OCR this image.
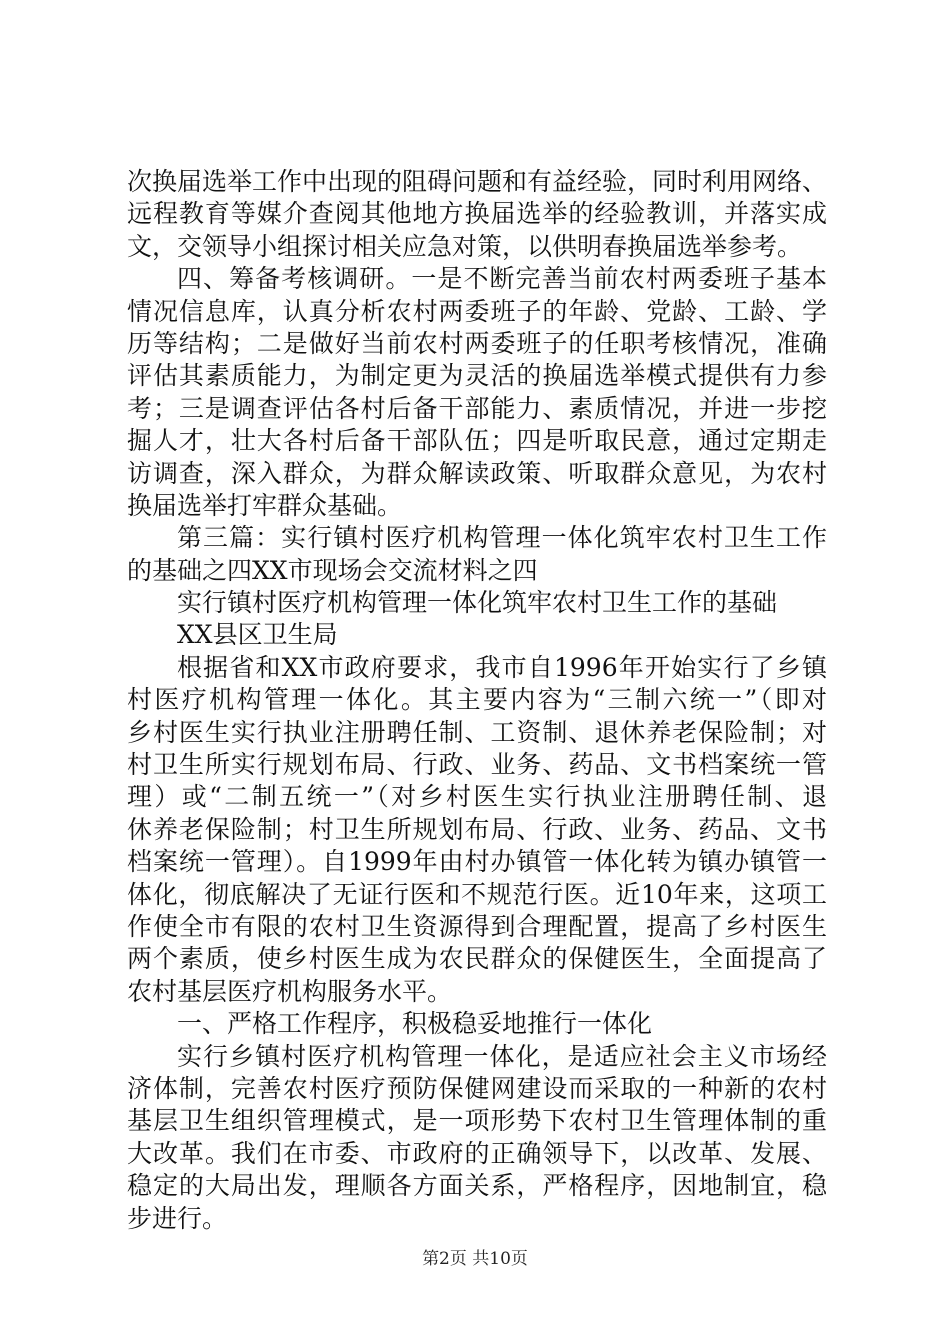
次换届选举工作中出现的阻碍问题和有益经验，同时利用网络、
远程教育等媒介查阅其他地方换届选举的经验教训，并落实成
文，交领导小组探讨相关应急对策，以供明春换届选举参考。
四、筹备考核调研。一是不断完善当前农村两委班子基本
情况信息库，认真分析农村两委班子的年龄、党龄、工龄、学
历等结构；二是做好当前农村两委班子的任职考核情况，准确
评估其素质能力，为制定更为灵活的换届选举模式提供有力参
考；三是调查评估各村后备干部能力、素质情况，并进一步挖
掘人才，壮大各村后备干部队伍；四是听取民意，通过定期走
访调查，深入群众，为群众解读政策、听取群众意见，为农村
换届选举打牢群众基础。
第三篇：实行镇村医疗机构管理一体化筑牢农村卫生工作
的基础之四XX市现场会交流材料之四
实行镇村医疗机构管理一体化筑牢农村卫生工作的基础
XX县区卫生局
根据省和XX市政府要求，我市自1996年开始实行了乡镇
村医疗机构管理一体化。其主要内容为“三制六统一”（即对
乡村医生实行执业注册聘任制、工资制、退休养老保险制；对
村卫生所实行规划布局、行政、业务、药品、文书档案统一管
理）或“二制五统一”（对乡村医生实行执业注册聘任制、退
休养老保险制；村卫生所规划布局、行政、业务、药品、文书
档案统一管理）。自1999年由村办镇管一体化转为镇办镇管一
体化，彻底解决了无证行医和不规范行医。近10年来，这项工
作使全市有限的农村卫生资源得到合理配置，提高了乡村医生
两个素质，使乡村医生成为农民群众的保健医生，全面提高了
农村基层医疗机构服务水平。
一、严格工作程序，积极稳妥地推行一体化
实行乡镇村医疗机构管理一体化，是适应社会主义市场经
济体制，完善农村医疗预防保健网建设而采取的一种新的农村
基层卫生组织管理模式，是一项形势下农村卫生管理体制的重
大改革。我们在市委、市政府的正确领导下，以改革、发展、
稳定的大局出发，理顺各方面关系，严格程序，因地制宜，稳
步进行。
第2页 共10页
